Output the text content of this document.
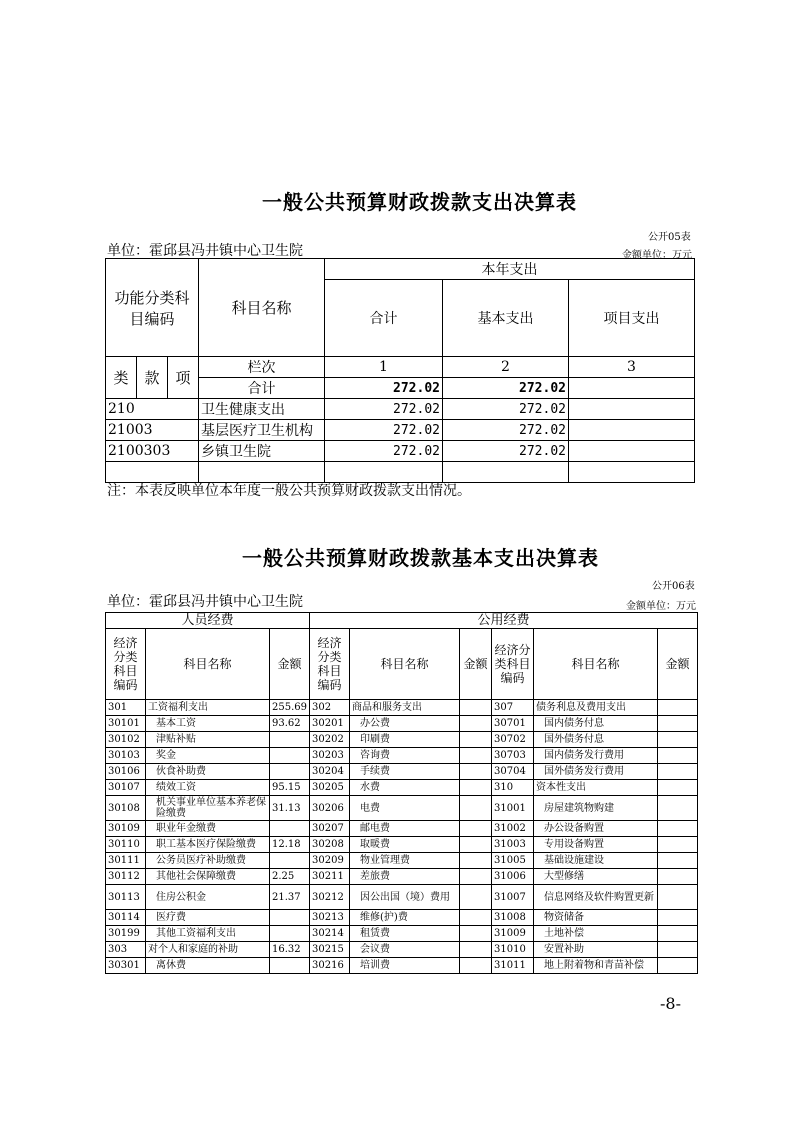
一般公共预算财政拨款支出决算表
公开05表
单位：霍邱县冯井镇中心卫生院	金额单位：万元
功能分类科目编码			科目名称	本年支出		
				合计	基本支出	项目支出

类	款	项	栏次	1	2	3
			合计	272.02	272.02	
210			卫生健康支出	272.02	272.02	
21003			基层医疗卫生机构	272.02	272.02	
2100303			乡镇卫生院	272.02	272.02	

注：本表反映单位本年度一般公共预算财政拨款支出情况。
一般公共预算财政拨款基本支出决算表
公开06表
单位：霍邱县冯井镇中心卫生院	金额单位：万元
人员经费			公用经费					
经济分类科目编码	科目名称	金额	经济分类科目编码	科目名称	金额	经济分类科目编码	科目名称	金额
301	工资福利支出	255.69	302	商品和服务支出		307	债务利息及费用支出	
30101	基本工资	93.62	30201	办公费		30701	国内债务付息	
30102	津贴补贴		30202	印刷费		30702	国外债务付息	
30103	奖金		30203	咨询费		30703	国内债务发行费用	
30106	伙食补助费		30204	手续费		30704	国外债务发行费用	
30107	绩效工资	95.15	30205	水费		310	资本性支出	
30108	机关事业单位基本养老保险缴费	31.13	30206	电费		31001	房屋建筑物购建	
30109	职业年金缴费		30207	邮电费		31002	办公设备购置	
30110	职工基本医疗保险缴费	12.18	30208	取暖费		31003	专用设备购置	
30111	公务员医疗补助缴费		30209	物业管理费		31005	基础设施建设	
30112	其他社会保障缴费	2.25	30211	差旅费		31006	大型修缮	
30113	住房公积金	21.37	30212	因公出国（境）费用		31007	信息网络及软件购置更新	
30114	医疗费		30213	维修(护)费		31008	物资储备	
30199	其他工资福利支出		30214	租赁费		31009	土地补偿	
303	对个人和家庭的补助	16.32	30215	会议费		31010	安置补助	
30301	离休费		30216	培训费		31011	地上附着物和青苗补偿	
-8-
